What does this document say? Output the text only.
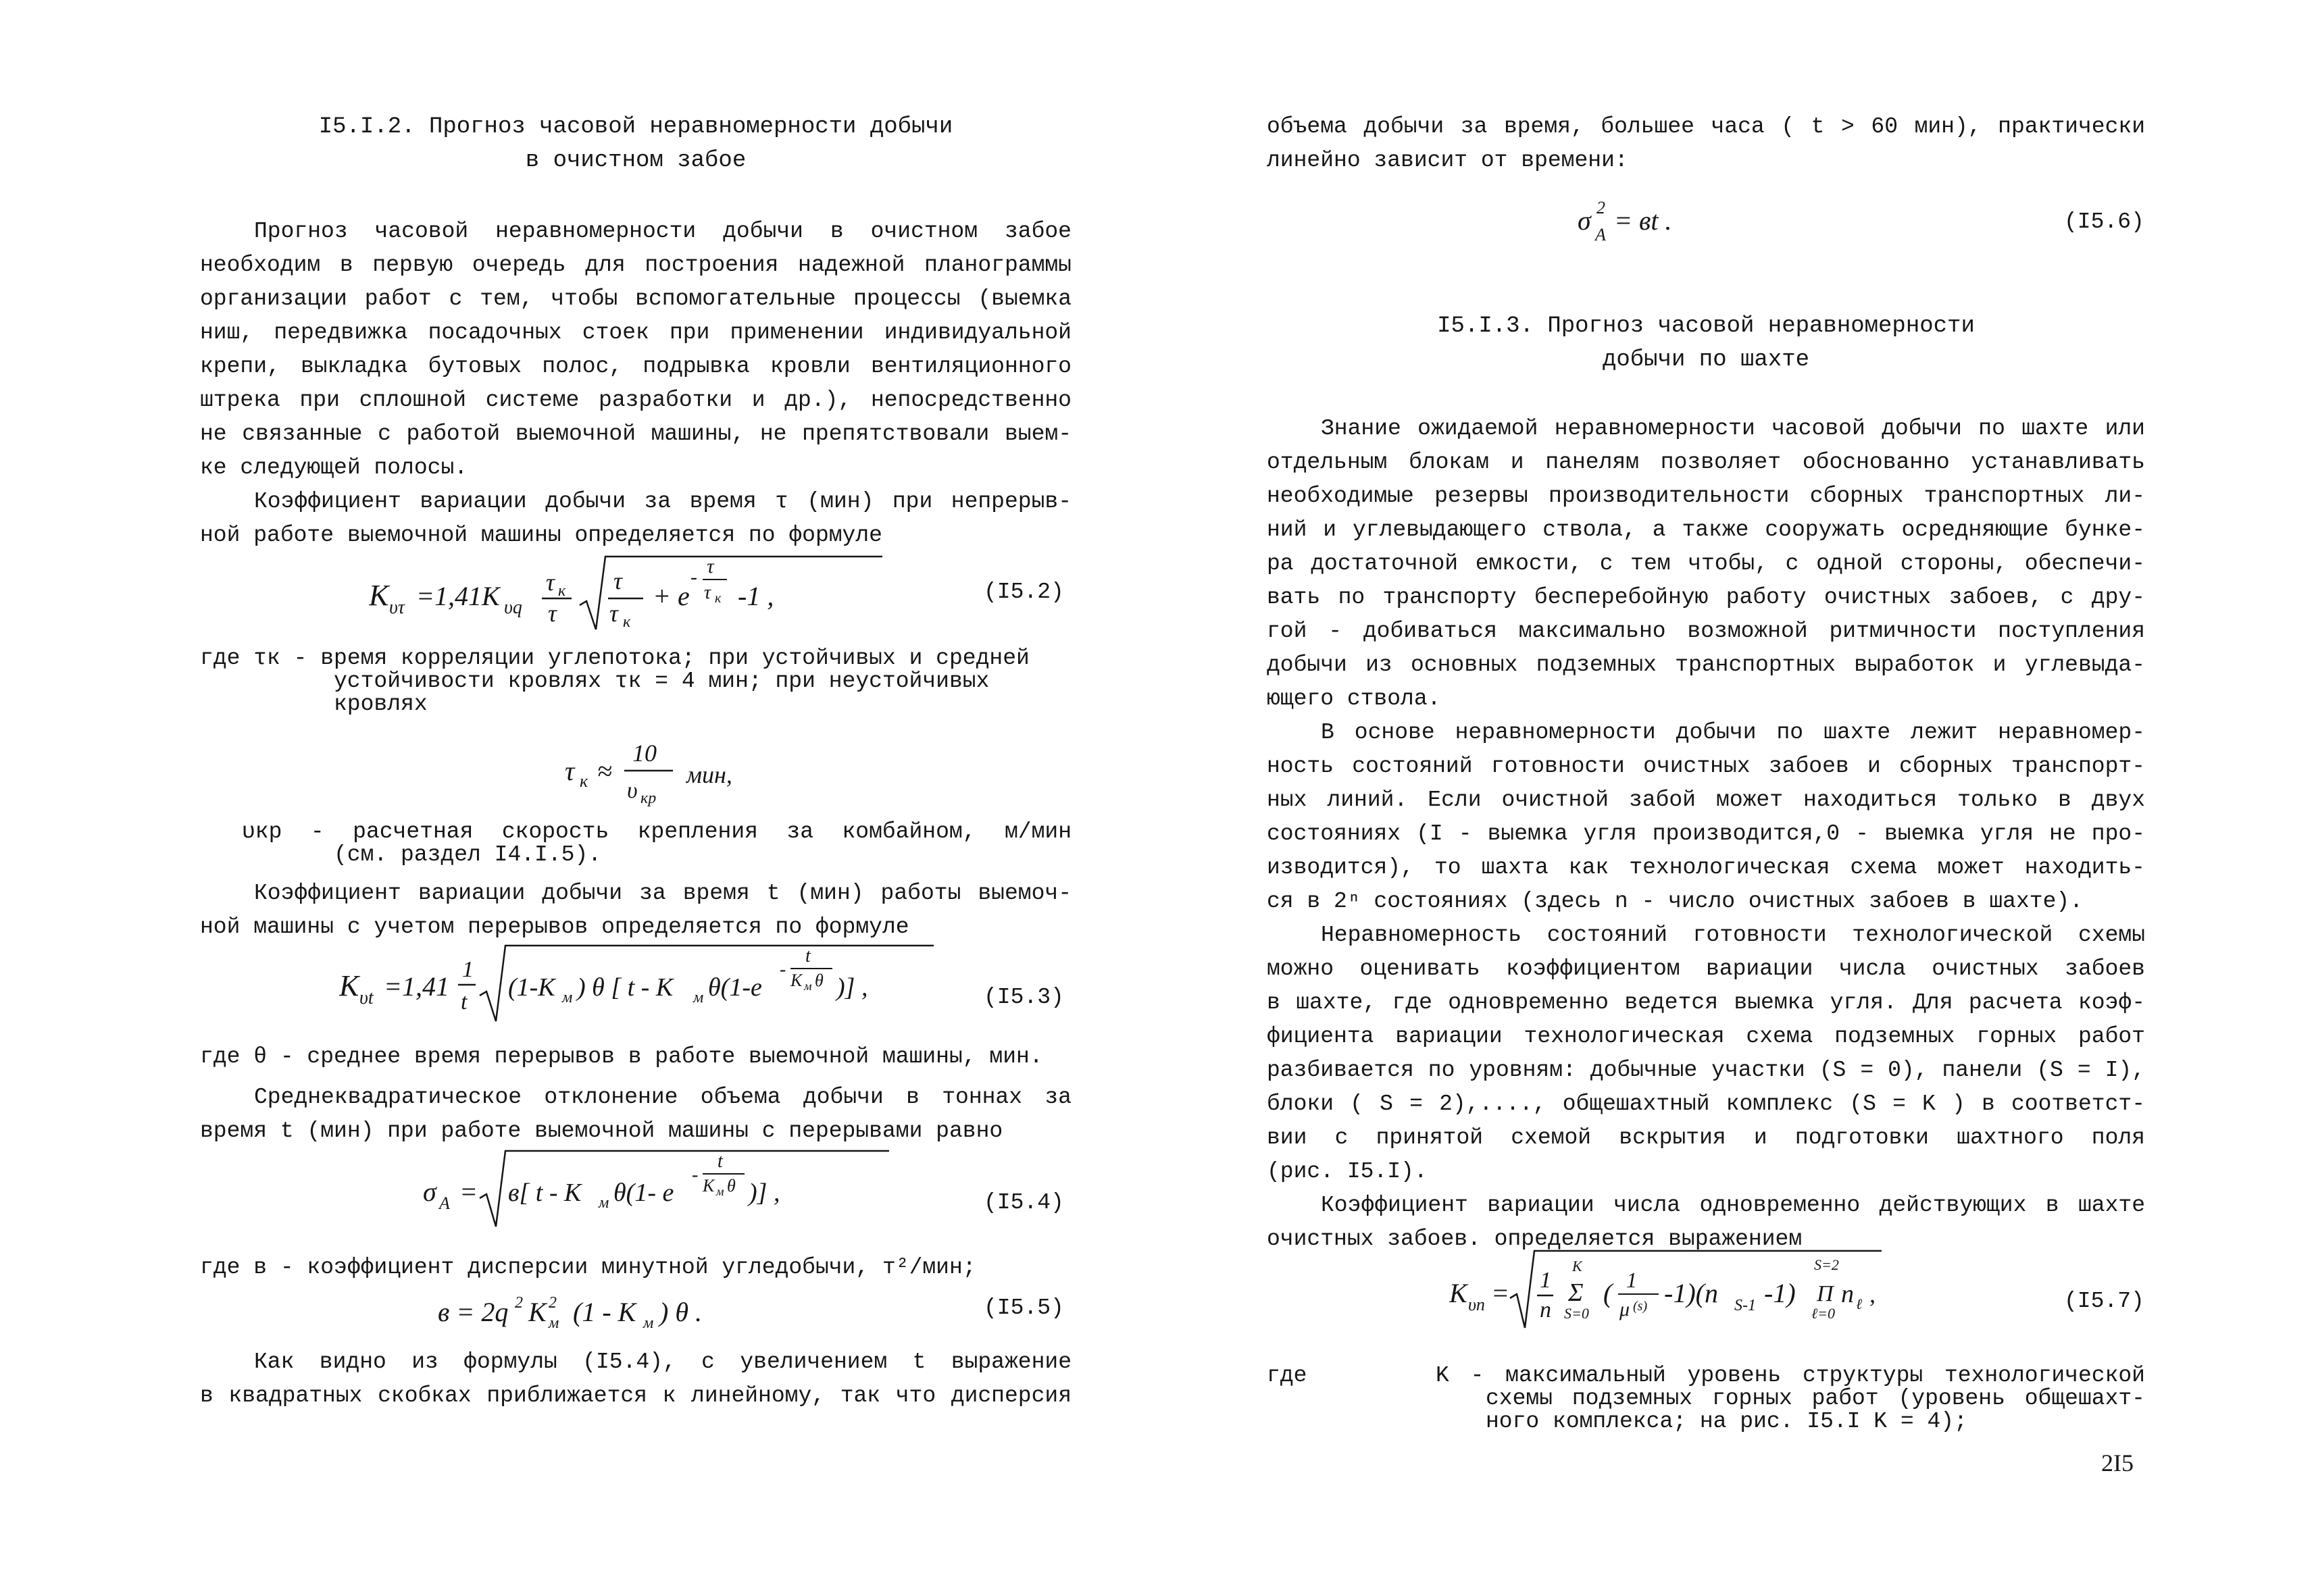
I5.I.2. Прогноз часовой неравномерности добычи
в очистном забое
Прогноз часовой неравномерности добычи в очистном забое
необходим в первую очередь для построения надежной планограммы
организации работ с тем, чтобы вспомогательные процессы (выемка
ниш, передвижка посадочных стоек при применении индивидуальной
крепи, выкладка бутовых полос, подрывка кровли вентиляционного
штрека при сплошной системе разработки и др.), непосредственно
не связанные с работой выемочной машины, не препятствовали выем-
ке следующей полосы.
Коэффициент вариации добычи за время τ (мин) при непрерыв-
ной работе выемочной машины определяется по формуле
K υτ =1,41K υq
τ к
τ
τ
τ к
+ e
- τ
τ к -1 ,	(I5.2)
где τк - время корреляции углепотока; при устойчивых и средней
устойчивости кровлях τк = 4 мин; при неустойчивых
кровлях
τ к ≈
10
υ кр
мин,
υкр - расчетная скорость крепления за комбайном, м/мин
(см. раздел I4.I.5).
Коэффициент вариации добычи за время t (мин) работы выемоч-
ной машины с учетом перерывов определяется по формуле
K υt =1,41
1
t
(1-K м ) θ [ t - K м θ(1-e
-
t
K м θ )] ,	(I5.3)
где θ - среднее время перерывов в работе выемочной машины, мин.
Среднеквадратическое отклонение объема добычи в тоннах за
время t (мин) при работе выемочной машины с перерывами равно
σ A = в[ t - K м θ(1- e
-
t
K м θ )] ,	(I5.4)
где в - коэффициент дисперсии минутной угледобычи, т²/мин;
в = 2q 2 K 2
м (1 - K м ) θ .	(I5.5)
Как видно из формулы (I5.4), с увеличением t выражение
в квадратных скобках приближается к линейному, так что дисперсия
объема добычи за время, большее часа ( t > 60 мин), практически
линейно зависит от времени:
σ 2
A = вt .	(I5.6)
I5.I.3. Прогноз часовой неравномерности
добычи по шахте
Знание ожидаемой неравномерности часовой добычи по шахте или
отдельным блокам и панелям позволяет обоснованно устанавливать
необходимые резервы производительности сборных транспортных ли-
ний и углевыдающего ствола, а также сооружать осредняющие бунке-
ра достаточной емкости, с тем чтобы, с одной стороны, обеспечи-
вать по транспорту бесперебойную работу очистных забоев, с дру-
гой - добиваться максимально возможной ритмичности поступления
добычи из основных подземных транспортных выработок и углевыда-
ющего ствола.
В основе неравномерности добычи по шахте лежит неравномер-
ность состояний готовности очистных забоев и сборных транспорт-
ных линий. Если очистной забой может находиться только в двух
состояниях (I - выемка угля производится,0 - выемка угля не про-
изводится), то шахта как технологическая схема может находить-
ся в 2ⁿ состояниях (здесь n - число очистных забоев в шахте).
Неравномерность состояний готовности технологической схемы
можно оценивать коэффициентом вариации числа очистных забоев
в шахте, где одновременно ведется выемка угля. Для расчета коэф-
фициента вариации технологическая схема подземных горных работ
разбивается по уровням: добычные участки (S = 0), панели (S = I),
блоки ( S = 2),...., общешахтный комплекс (S = K ) в соответст-
вии с принятой схемой вскрытия и подготовки шахтного поля
(рис. I5.I).
Коэффициент вариации числа одновременно действующих в шахте
очистных забоев. определяется выражением
K υn = 1
n
K
Σ
S=0
( 1
μ (s) -1)(n S-1 -1)
S=2
Π
ℓ=0
n ℓ ,	(I5.7)
где	K - максимальный уровень структуры технологической
схемы подземных горных работ (уровень общешахт-
ного комплекса; на рис. I5.I K = 4);
2I5
